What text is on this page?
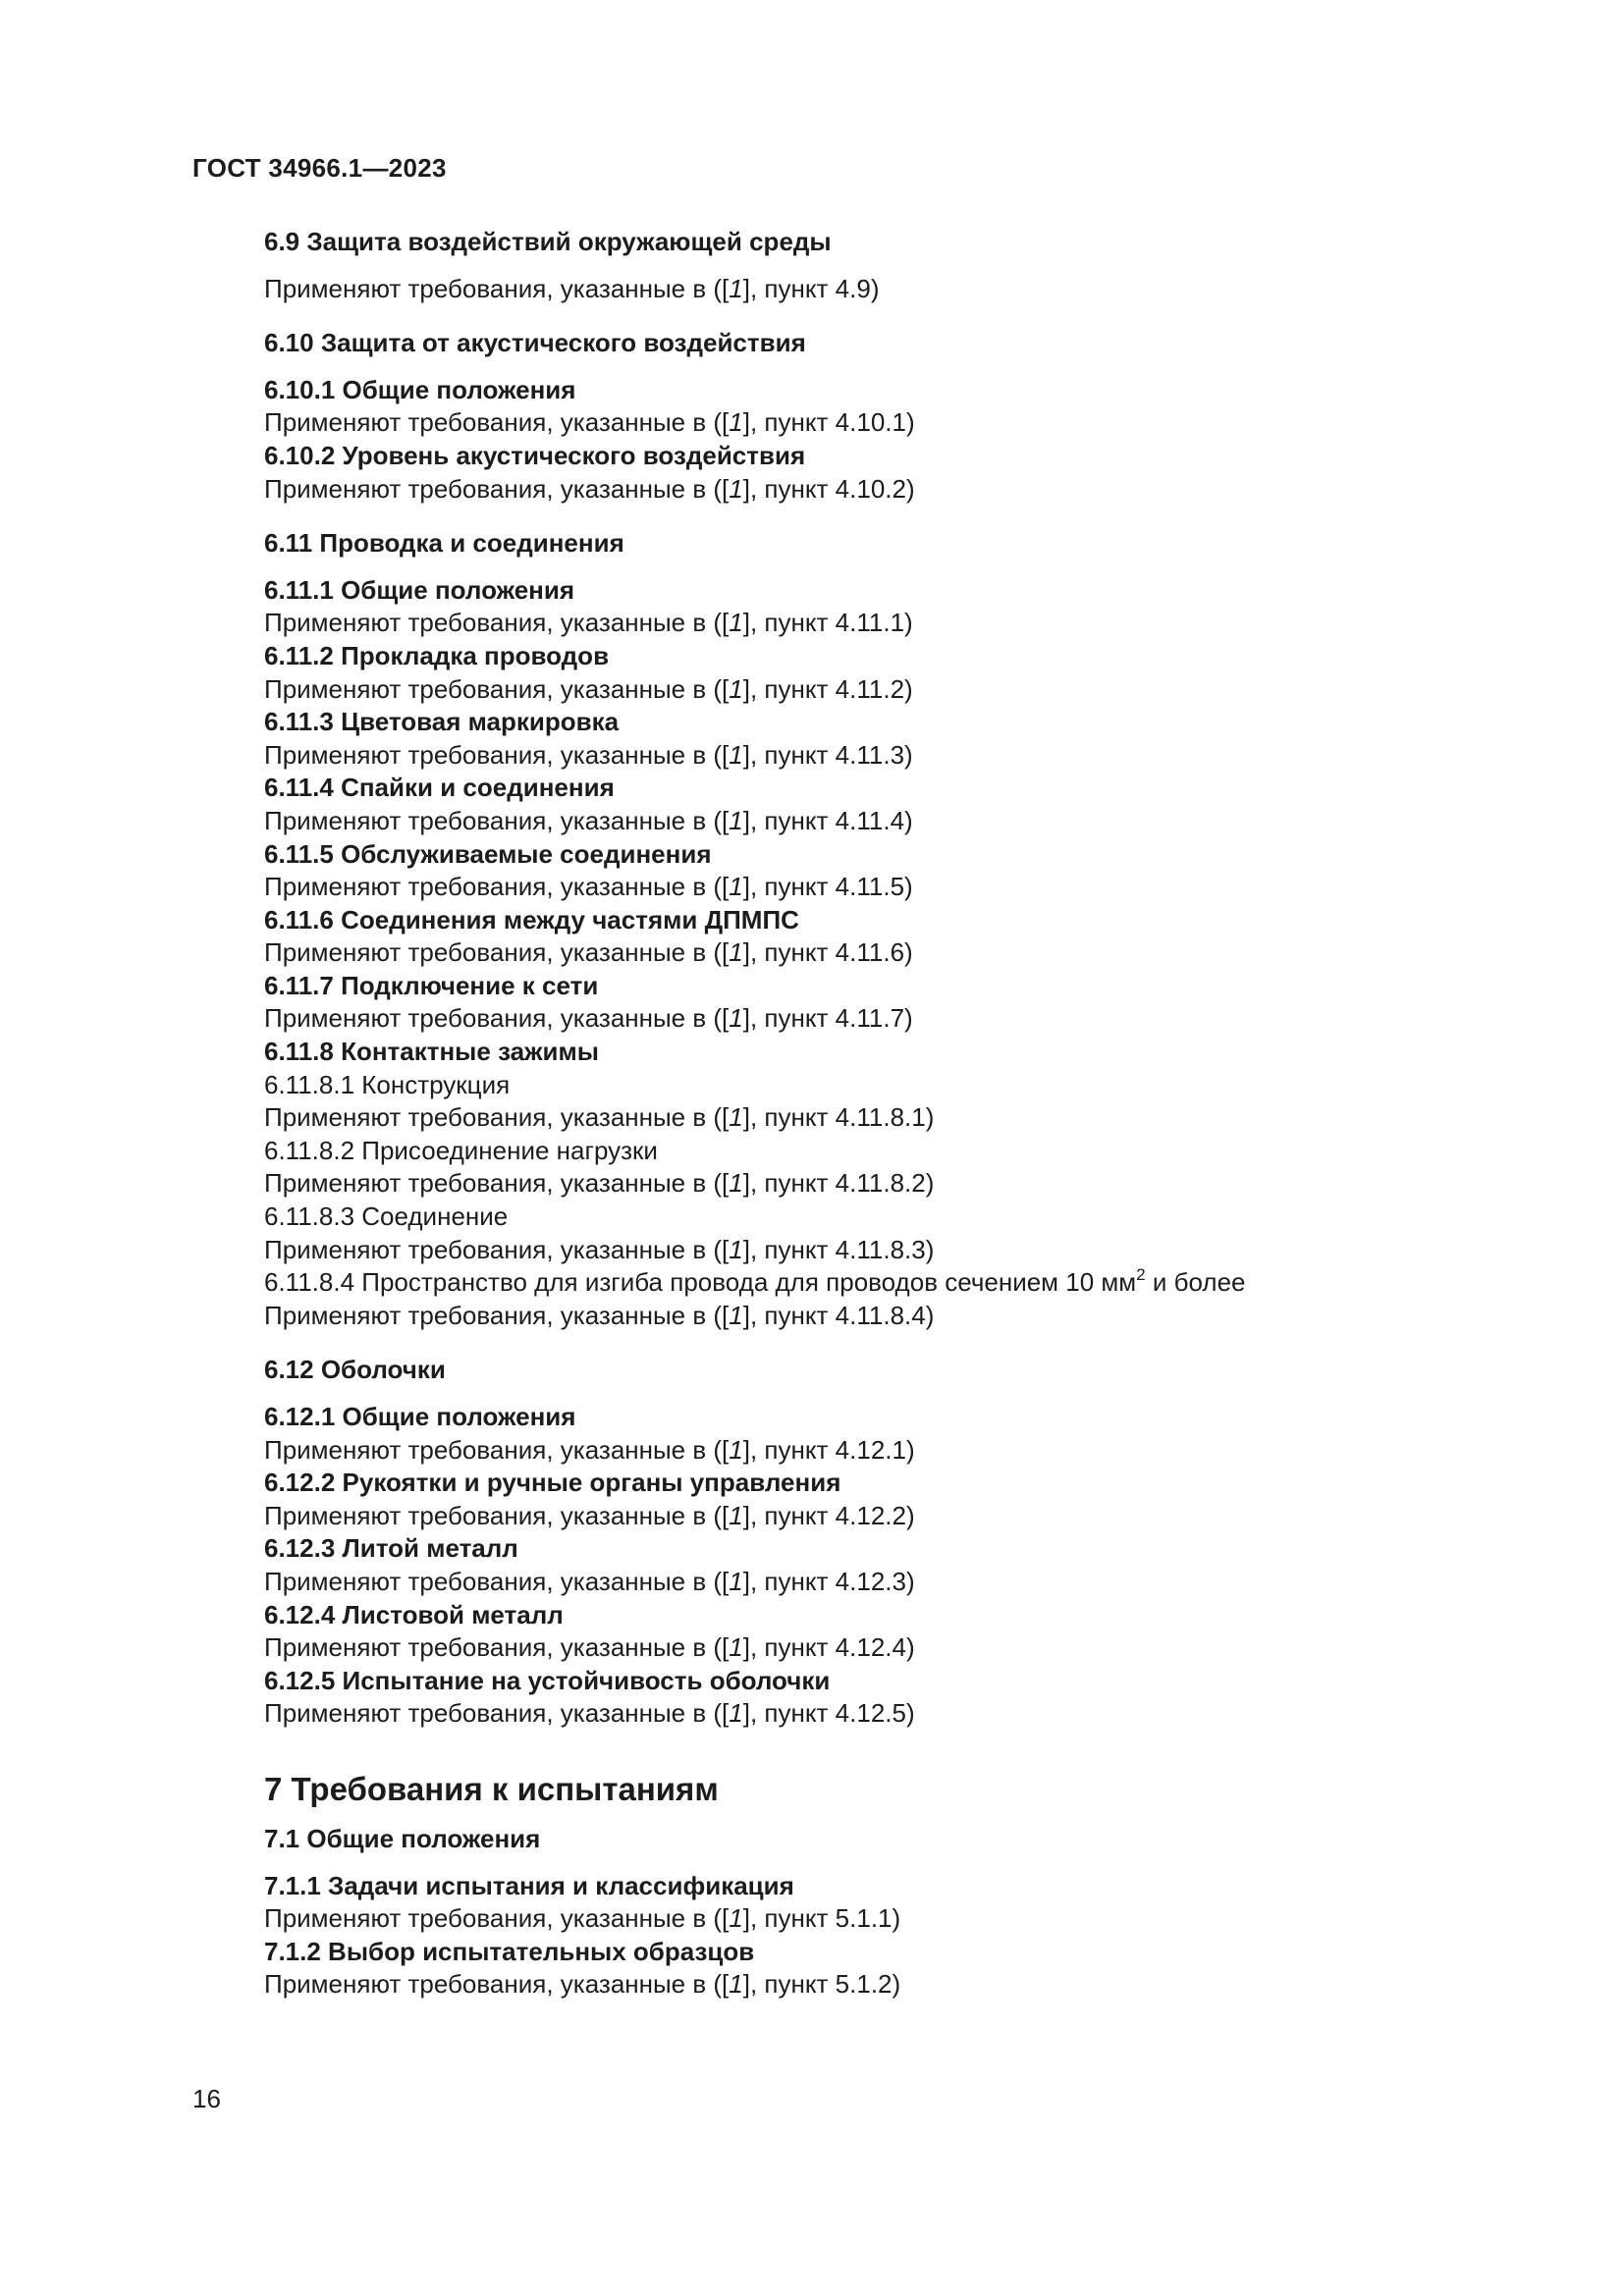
ГОСТ 34966.1—2023
6.9 Защита воздействий окружающей среды
Применяют требования, указанные в ([1], пункт 4.9)
6.10 Защита от акустического воздействия
6.10.1 Общие положения
Применяют требования, указанные в ([1], пункт 4.10.1)
6.10.2 Уровень акустического воздействия
Применяют требования, указанные в ([1], пункт 4.10.2)
6.11 Проводка и соединения
6.11.1 Общие положения
Применяют требования, указанные в ([1], пункт 4.11.1)
6.11.2 Прокладка проводов
Применяют требования, указанные в ([1], пункт 4.11.2)
6.11.3 Цветовая маркировка
Применяют требования, указанные в ([1], пункт 4.11.3)
6.11.4 Спайки и соединения
Применяют требования, указанные в ([1], пункт 4.11.4)
6.11.5 Обслуживаемые соединения
Применяют требования, указанные в ([1], пункт 4.11.5)
6.11.6 Соединения между частями ДПМПС
Применяют требования, указанные в ([1], пункт 4.11.6)
6.11.7 Подключение к сети
Применяют требования, указанные в ([1], пункт 4.11.7)
6.11.8 Контактные зажимы
6.11.8.1 Конструкция
Применяют требования, указанные в ([1], пункт 4.11.8.1)
6.11.8.2 Присоединение нагрузки
Применяют требования, указанные в ([1], пункт 4.11.8.2)
6.11.8.3 Соединение
Применяют требования, указанные в ([1], пункт 4.11.8.3)
6.11.8.4 Пространство для изгиба провода для проводов сечением 10 $мм^2$ и более
Применяют требования, указанные в ([1], пункт 4.11.8.4)
6.12 Оболочки
6.12.1 Общие положения
Применяют требования, указанные в ([1], пункт 4.12.1)
6.12.2 Рукоятки и ручные органы управления
Применяют требования, указанные в ([1], пункт 4.12.2)
6.12.3 Литой металл
Применяют требования, указанные в ([1], пункт 4.12.3)
6.12.4 Листовой металл
Применяют требования, указанные в ([1], пункт 4.12.4)
6.12.5 Испытание на устойчивость оболочки
Применяют требования, указанные в ([1], пункт 4.12.5)
7 Требования к испытаниям
7.1 Общие положения
7.1.1 Задачи испытания и классификация
Применяют требования, указанные в ([1], пункт 5.1.1)
7.1.2 Выбор испытательных образцов
Применяют требования, указанные в ([1], пункт 5.1.2)
16
